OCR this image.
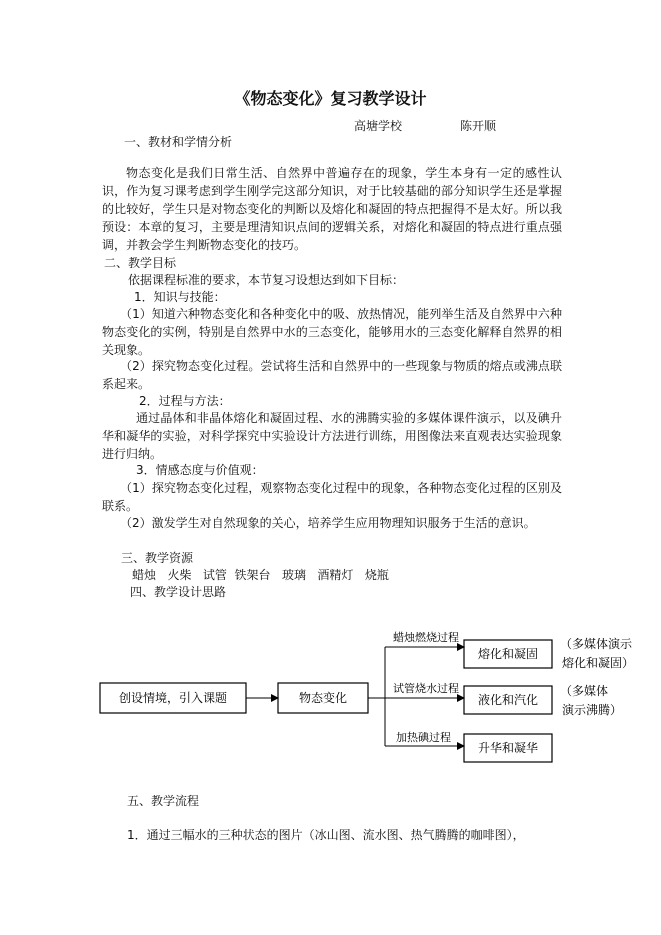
《物态变化》复习教学设计
高塘学校	陈开顺
一、教材和学情分析

物态变化是我们日常生活、自然界中普遍存在的现象，学生本身有一定的感性认识，作为复习课考虑到学生刚学完这部分知识，对于比较基础的部分知识学生还是掌握的比较好，学生只是对物态变化的判断以及熔化和凝固的特点把握得不是太好。所以我预设：本章的复习，主要是理清知识点间的逻辑关系，对熔化和凝固的特点进行重点强调，并教会学生判断物态变化的技巧。

二、教学目标
依据课程标准的要求，本节复习设想达到如下目标：
1．知识与技能：

（1）知道六种物态变化和各种变化中的吸、放热情况，能列举生活及自然界中六种物态变化的实例，特别是自然界中水的三态变化，能够用水的三态变化解释自然界的相关现象。

（2）探究物态变化过程。尝试将生活和自然界中的一些现象与物质的熔点或沸点联系起来。

2．过程与方法：

通过晶体和非晶体熔化和凝固过程、水的沸腾实验的多媒体课件演示，以及碘升华和凝华的实验，对科学探究中实验设计方法进行训练，用图像法来直观表达实验现象进行归纳。

3．情感态度与价值观：

（1）探究物态变化过程，观察物态变化过程中的现象，各种物态变化过程的区别及联系。

（2）激发学生对自然现象的关心，培养学生应用物理知识服务于生活的意识。

三、教学资源
蜡烛   火柴   试管  铁架台   玻璃   酒精灯   烧瓶
四、教学设计思路
创设情境，引入课题	物态变化
熔化和凝固
液化和汽化
升华和凝华
蜡烛燃烧过程
试管烧水过程
加热碘过程
（多媒体演示
熔化和凝固）
（多媒体
演示沸腾）
五、教学流程
1．通过三幅水的三种状态的图片（冰山图、流水图、热气腾腾的咖啡图），
